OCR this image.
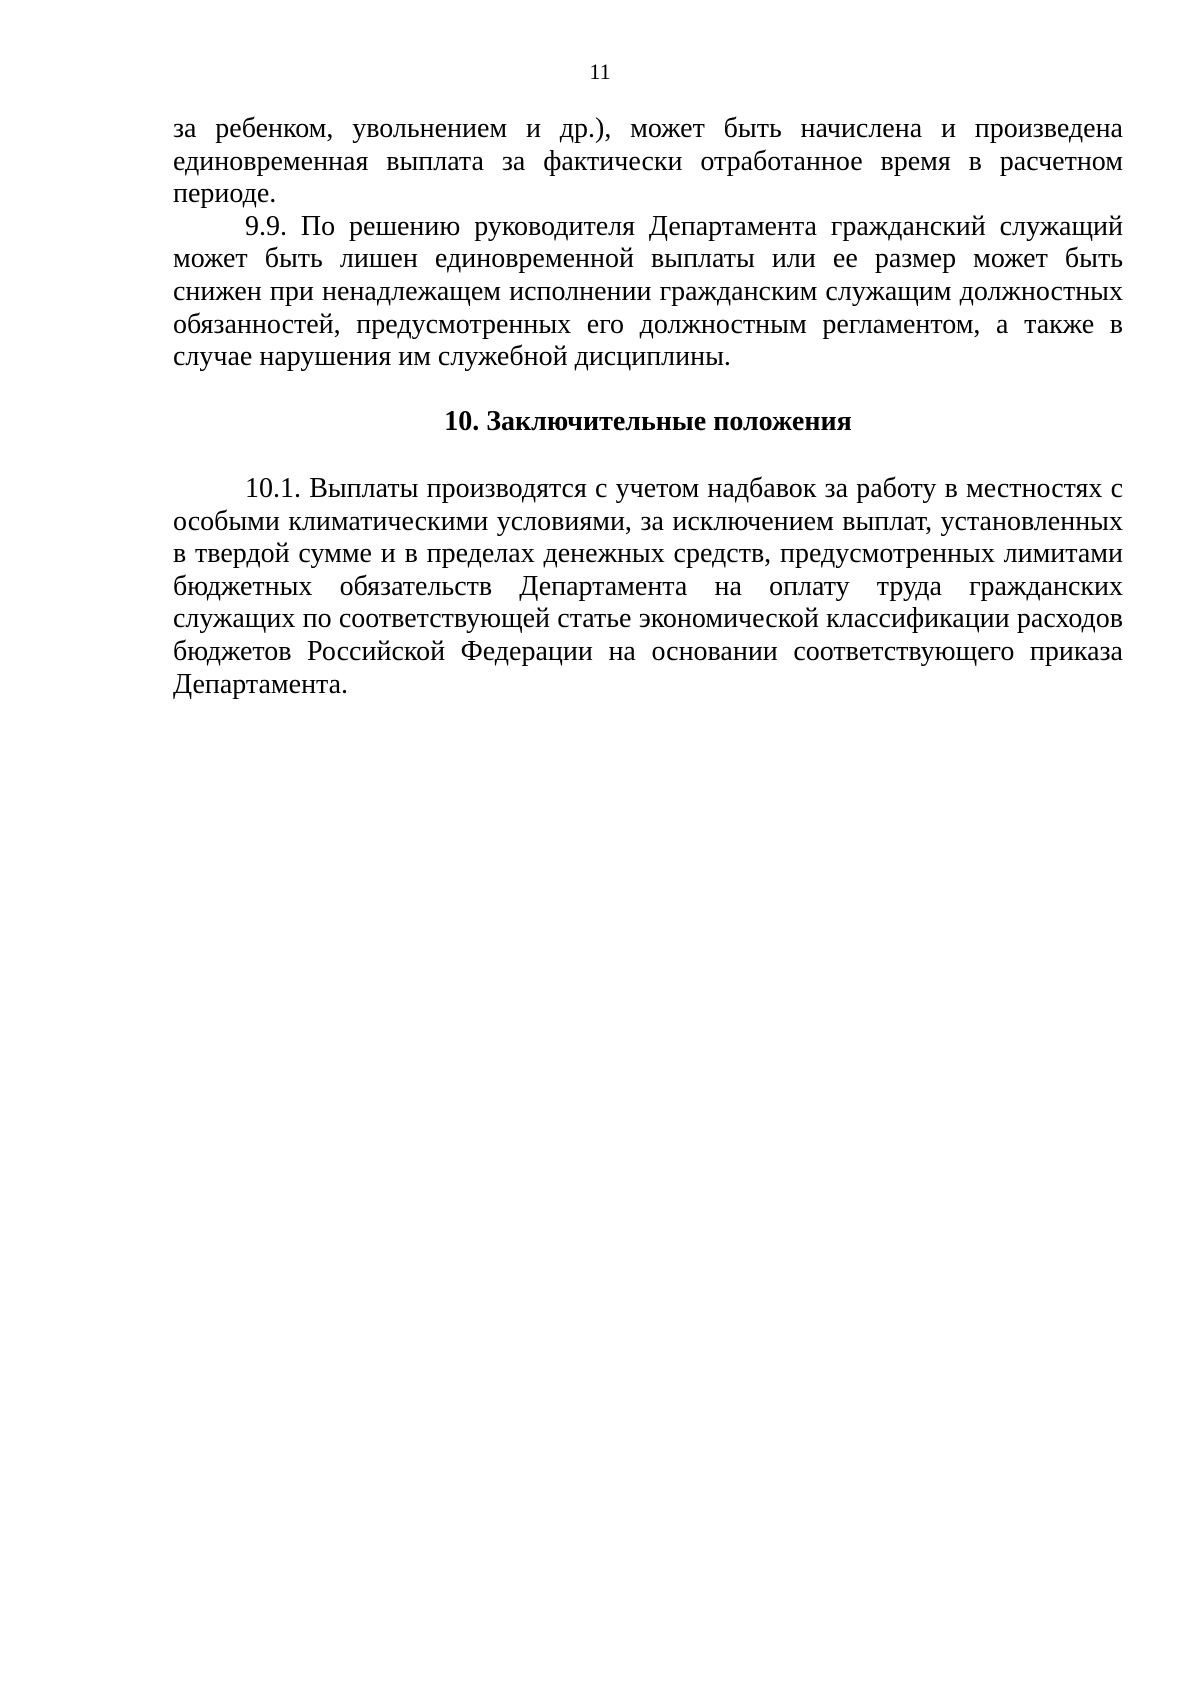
11

за ребенком, увольнением и др.), может быть начислена и произведена единовременная выплата за фактически отработанное время в расчетном периоде.

9.9. По решению руководителя Департамента гражданский служащий может быть лишен единовременной выплаты или ее размер может быть снижен при ненадлежащем исполнении гражданским служащим должностных обязанностей, предусмотренных его должностным регламентом, а также в случае нарушения им служебной дисциплины.

10. Заключительные положения

10.1. Выплаты производятся с учетом надбавок за работу в местностях с особыми климатическими условиями, за исключением выплат, установленных в твердой сумме и в пределах денежных средств, предусмотренных лимитами бюджетных обязательств Департамента на оплату труда гражданских служащих по соответствующей статье экономической классификации расходов бюджетов Российской Федерации на основании соответствующего приказа Департамента.
